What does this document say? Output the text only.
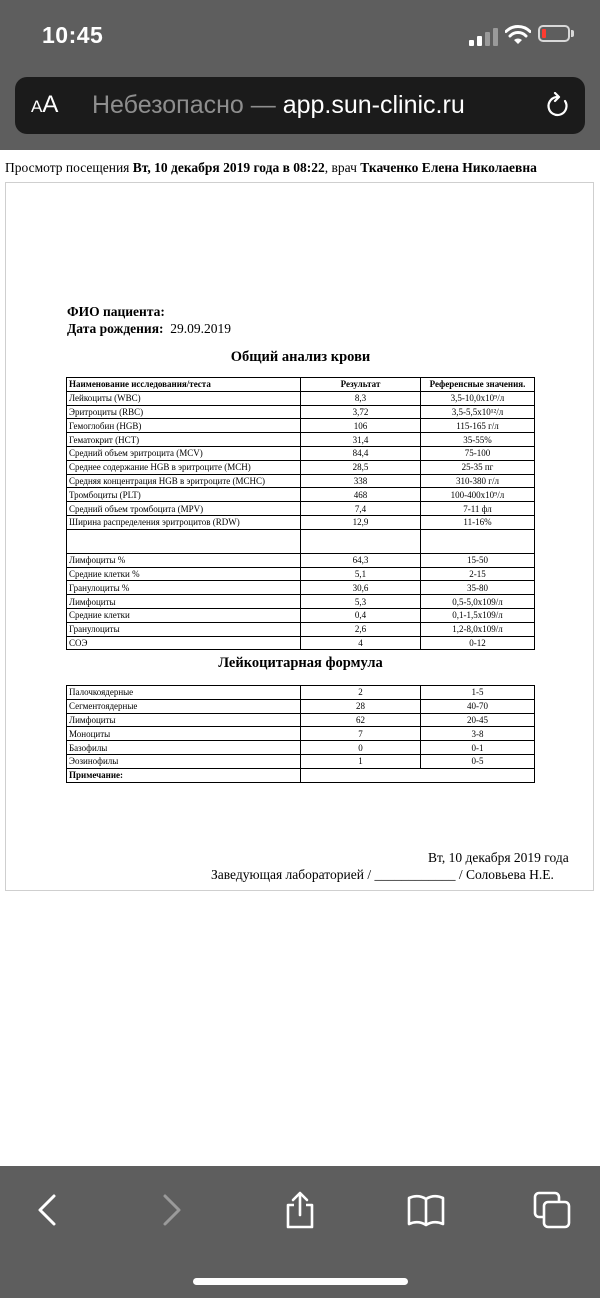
10:45
AA Небезопасно — app.sun-clinic.ru
Просмотр посещения Вт, 10 декабря 2019 года в 08:22, врач Ткаченко Елена Николаевна
ФИО пациента:
Дата рождения: 29.09.2019
Общий анализ крови
Наименование исследования/теста	Результат	Референсные значения.
Лейкоциты (WBC)	8,3	3,5-10,0x10⁹/л
Эритроциты (RBC)	3,72	3,5-5,5x10¹²/л
Гемоглобин (HGB)	106	115-165 г/л
Гематокрит (HCT)	31,4	35-55%
Средний объем эритроцита (MCV)	84,4	75-100
Среднее содержание HGB в эритроците (MCH)	28,5	25-35 пг
Средняя концентрация HGB в эритроците (MCHC)	338	310-380 г/л
Тромбоциты (PLT)	468	100-400x10⁹/л
Средний объем тромбоцита (MPV)	7,4	7-11 фл
Ширина распределения эритроцитов (RDW)	12,9	11-16%

Лимфоциты %	64,3	15-50
Средние клетки %	5,1	2-15
Гранулоциты %	30,6	35-80
Лимфоциты	5,3	0,5-5,0x109/л
Средние клетки	0,4	0,1-1,5x109/л
Гранулоциты	2,6	1,2-8,0x109/л
СОЭ	4	0-12
Лейкоцитарная формула
Палочкоядерные	2	1-5
Сегментоядерные	28	40-70
Лимфоциты	62	20-45
Моноциты	7	3-8
Базофилы	0	0-1
Эозинофилы	1	0-5
Примечание:		
Вт, 10 декабря 2019 года
Заведующая лабораторией / ____________ / Соловьева Н.Е.
